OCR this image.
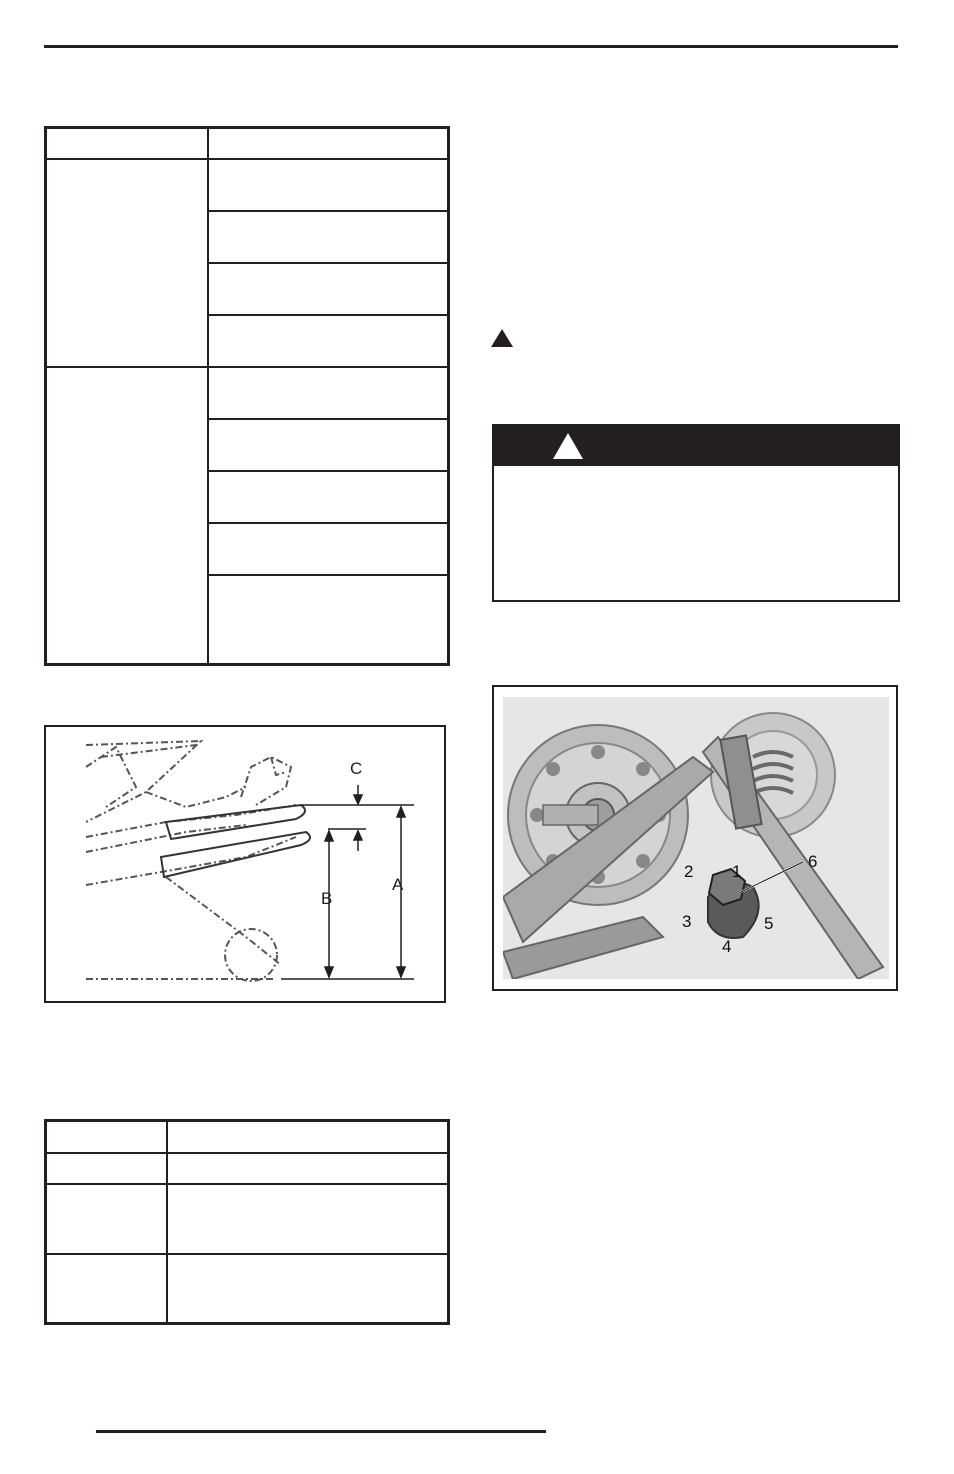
C
A
B
1
2
3
4
5
6
